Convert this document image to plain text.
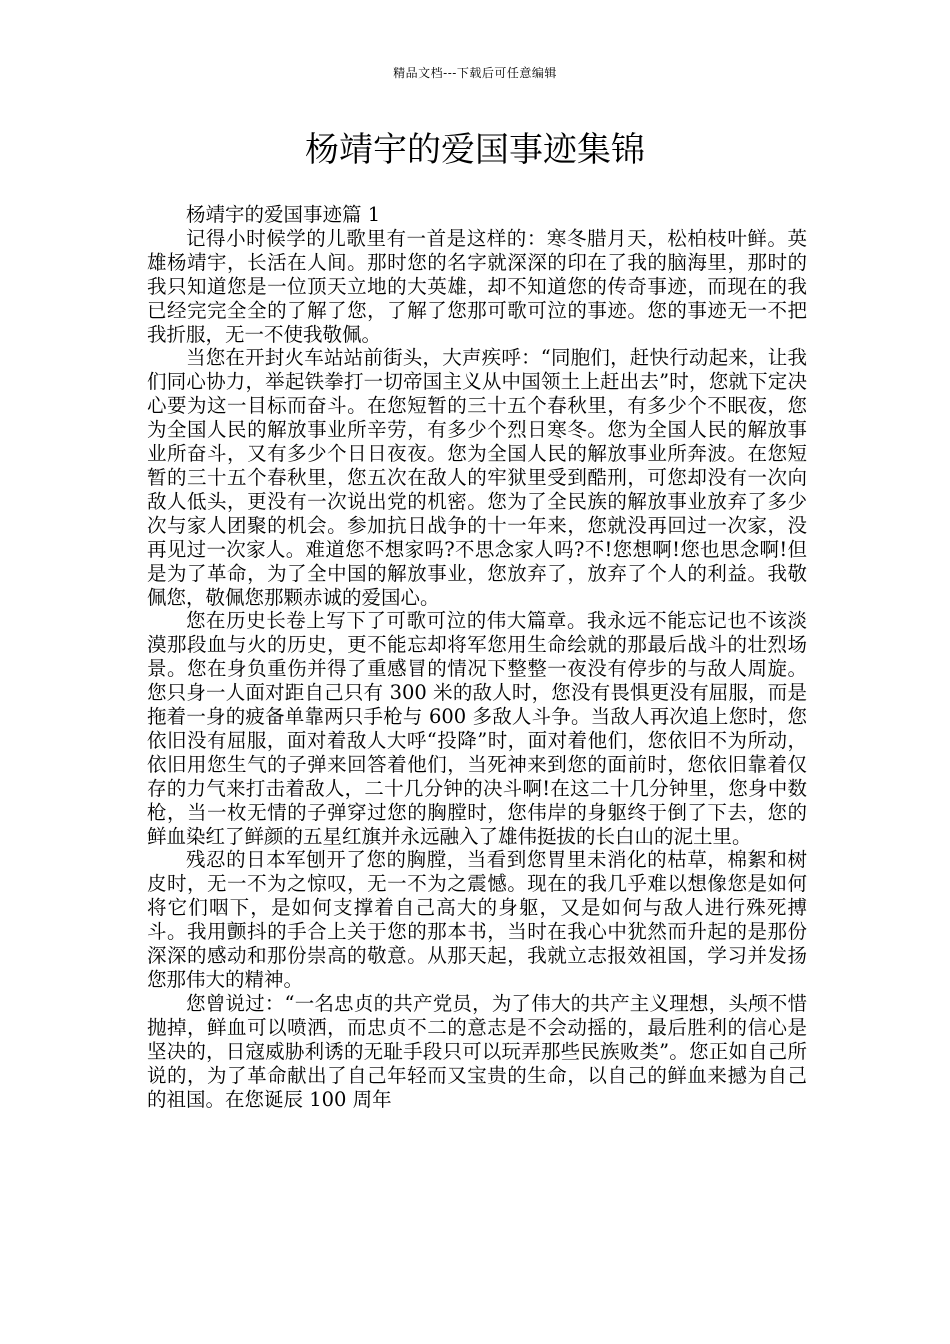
精品文档---下载后可任意编辑
杨靖宇的爱国事迹集锦

杨靖宇的爱国事迹篇 1

记得小时候学的儿歌里有一首是这样的：寒冬腊月天，松柏枝叶鲜。英雄杨靖宇，长活在人间。那时您的名字就深深的印在了我的脑海里，那时的我只知道您是一位顶天立地的大英雄，却不知道您的传奇事迹，而现在的我已经完完全全的了解了您，了解了您那可歌可泣的事迹。您的事迹无一不把我折服，无一不使我敬佩。

当您在开封火车站站前街头，大声疾呼：“同胞们，赶快行动起来，让我们同心协力，举起铁拳打一切帝国主义从中国领土上赶出去”时，您就下定决心要为这一目标而奋斗。在您短暂的三十五个春秋里，有多少个不眠夜，您为全国人民的解放事业所辛劳，有多少个烈日寒冬。您为全国人民的解放事业所奋斗，又有多少个日日夜夜。您为全国人民的解放事业所奔波。在您短暂的三十五个春秋里，您五次在敌人的牢狱里受到酷刑，可您却没有一次向敌人低头，更没有一次说出党的机密。您为了全民族的解放事业放弃了多少次与家人团聚的机会。参加抗日战争的十一年来，您就没再回过一次家，没再见过一次家人。难道您不想家吗?不思念家人吗?不!您想啊!您也思念啊!但是为了革命，为了全中国的解放事业，您放弃了，放弃了个人的利益。我敬佩您，敬佩您那颗赤诚的爱国心。

您在历史长卷上写下了可歌可泣的伟大篇章。我永远不能忘记也不该淡漠那段血与火的历史，更不能忘却将军您用生命绘就的那最后战斗的壮烈场景。您在身负重伤并得了重感冒的情况下整整一夜没有停步的与敌人周旋。您只身一人面对距自己只有 300 米的敌人时，您没有畏惧更没有屈服，而是拖着一身的疲备单靠两只手枪与 600 多敌人斗争。当敌人再次追上您时，您依旧没有屈服，面对着敌人大呼“投降”时，面对着他们，您依旧不为所动，依旧用您生气的子弹来回答着他们，当死神来到您的面前时，您依旧靠着仅存的力气来打击着敌人，二十几分钟的决斗啊!在这二十几分钟里，您身中数枪，当一枚无情的子弹穿过您的胸膛时，您伟岸的身躯终于倒了下去，您的鲜血染红了鲜颜的五星红旗并永远融入了雄伟挺拔的长白山的泥土里。

残忍的日本军刨开了您的胸膛，当看到您胃里未消化的枯草，棉絮和树皮时，无一不为之惊叹，无一不为之震憾。现在的我几乎难以想像您是如何将它们咽下，是如何支撑着自己高大的身躯，又是如何与敌人进行殊死搏斗。我用颤抖的手合上关于您的那本书，当时在我心中犹然而升起的是那份深深的感动和那份崇高的敬意。从那天起，我就立志报效祖国，学习并发扬您那伟大的精神。

您曾说过：“一名忠贞的共产党员，为了伟大的共产主义理想，头颅不惜抛掉，鲜血可以喷洒，而忠贞不二的意志是不会动摇的，最后胜利的信心是坚决的，日寇威胁利诱的无耻手段只可以玩弄那些民族败类”。您正如自己所说的，为了革命献出了自己年轻而又宝贵的生命，以自己的鲜血来撼为自己的祖国。在您诞辰 100 周年
